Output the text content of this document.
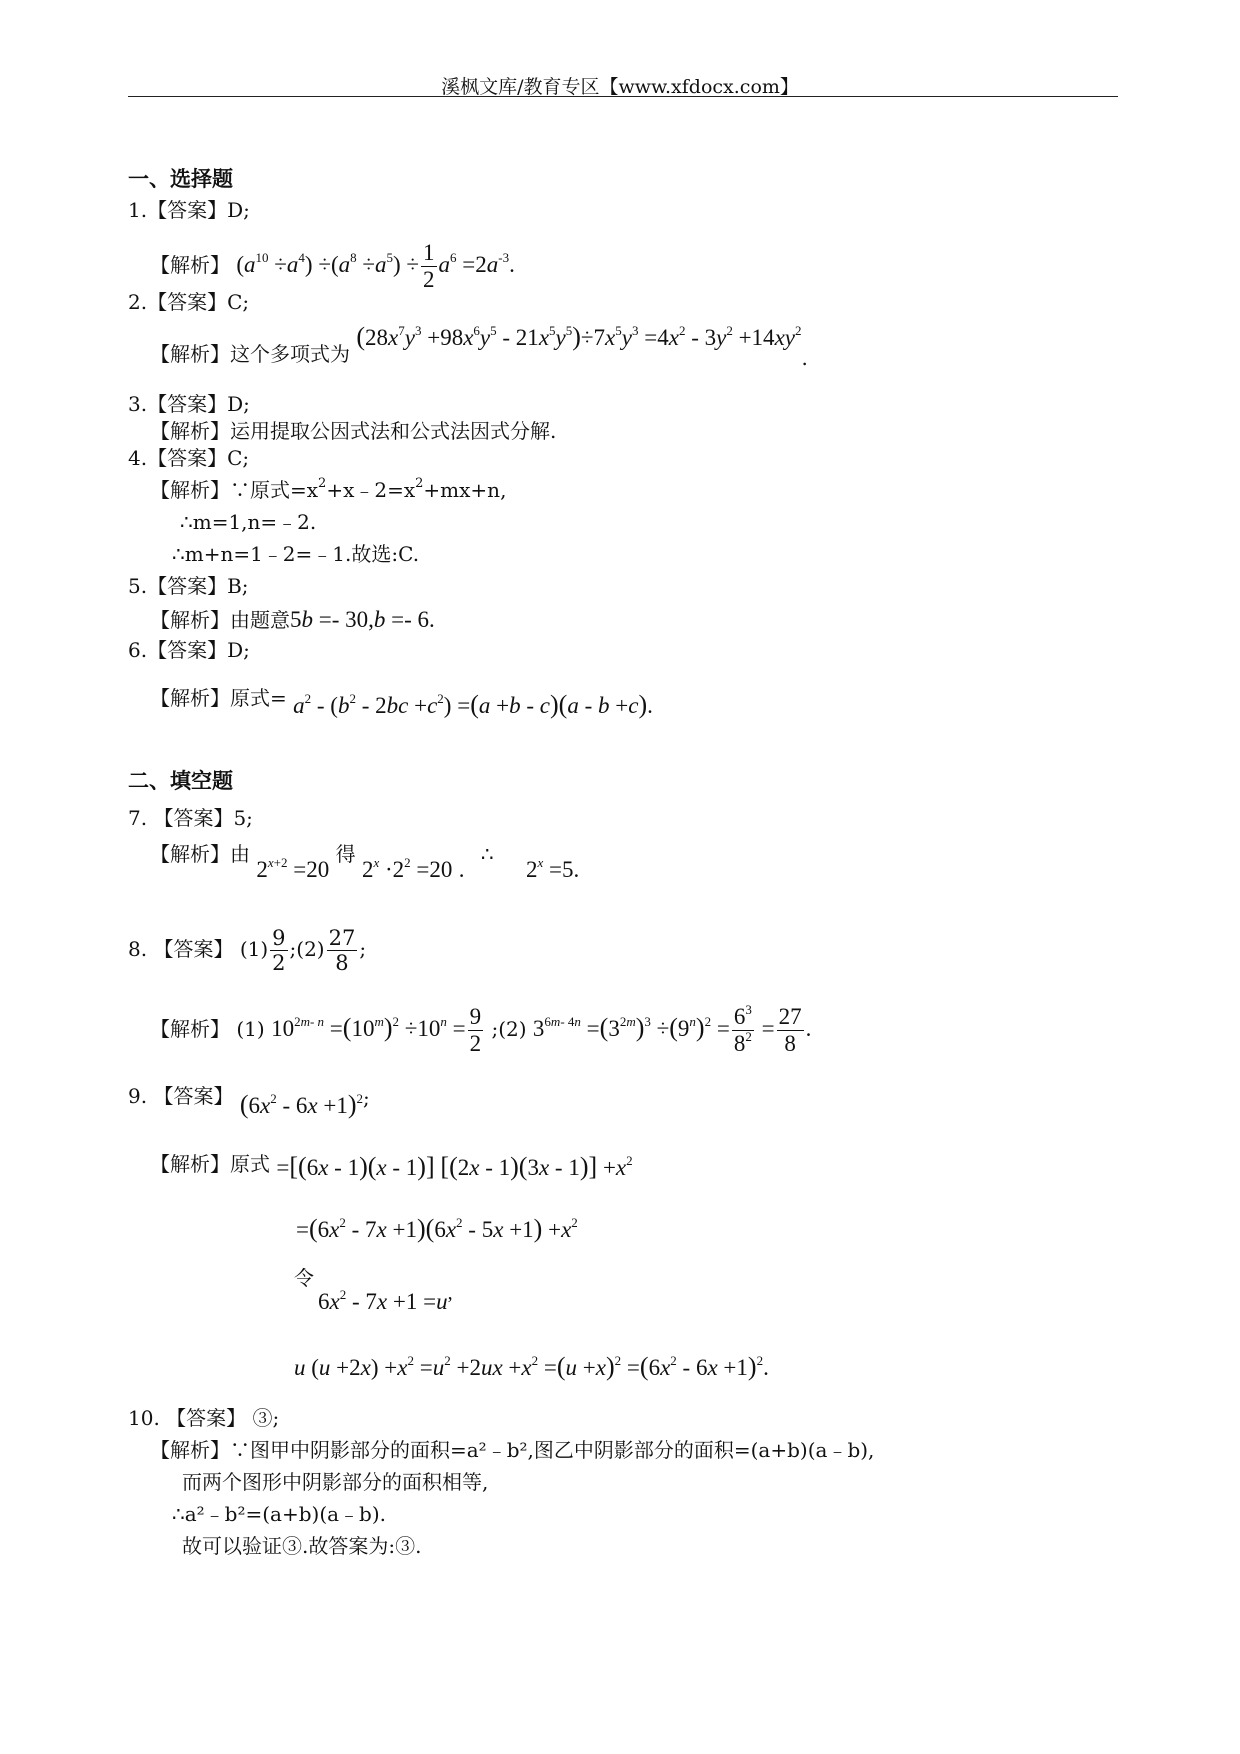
溪枫文库/教育专区【www.xfdocx.com】
一、选择题
1.【答案】D;
【解析】 $(a^{10} \div a^4) \div(a^8 \div a^5) \div \frac{1}{2} a^6 =2a^{-3}$.
2.【答案】C;
【解析】这个多项式为 $(28x^7y^3 +98x^6y^5 - 21x^5y^5)\div 7x^5y^3 =4x^2 - 3y^2 +14xy^2$.
3.【答案】D;
【解析】运用提取公因式法和公式法因式分解.
4.【答案】C;
【解析】∵原式$=x^2+x﹣2=x^2+mx+n$,
∴m=1,n=﹣2.
∴m+n=1﹣2=﹣1.故选:C.
5.【答案】B;
【解析】由题意5b =- 30,b =- 6.
6.【答案】D;
【解析】原式= $a^2 - (b^2 - 2bc +c^2) =(a +b - c)(a - b +c)$.
二、填空题
7. 【答案】5;
【解析】由 $2^{x+2} =20$ 得 $2^x \cdot 2^2 =20$ . ∴ $2^x =5$.
8. 【答案】 $(1) \frac{9}{2}$ ;(2) $\frac{27}{8}$ ;
【解析】 (1) $10^{2m- n} =(10^m)^2 \div 10^n = \frac{9}{2}$ ;(2) $3^{6m- 4n} =(3^{2m})^3 \div(9^n)^2 = \frac{6^3}{8^2} = \frac{27}{8}$ .
9. 【答案】 $(6x^2 - 6x +1)^2$;
【解析】原式 =[(6x - 1)(x - 1)] $[(2x - 1)(3x - 1)] +x^2$
$=(6x^2 - 7x +1)(6x^2 - 5x +1) +x^2$
令
$6x^2 - 7x +1 =u$,
u $(u +2x) +x^2 =u^2 +2ux +x^2 =(u +x)^2 =(6x^2 - 6x +1)^2$.
10. 【答案】 ③;
【解析】∵图甲中阴影部分的面积=a²﹣b²,图乙中阴影部分的面积=(a+b)(a﹣b),
而两个图形中阴影部分的面积相等,
∴a²﹣b²=(a+b)(a﹣b).
故可以验证③.故答案为:③.
